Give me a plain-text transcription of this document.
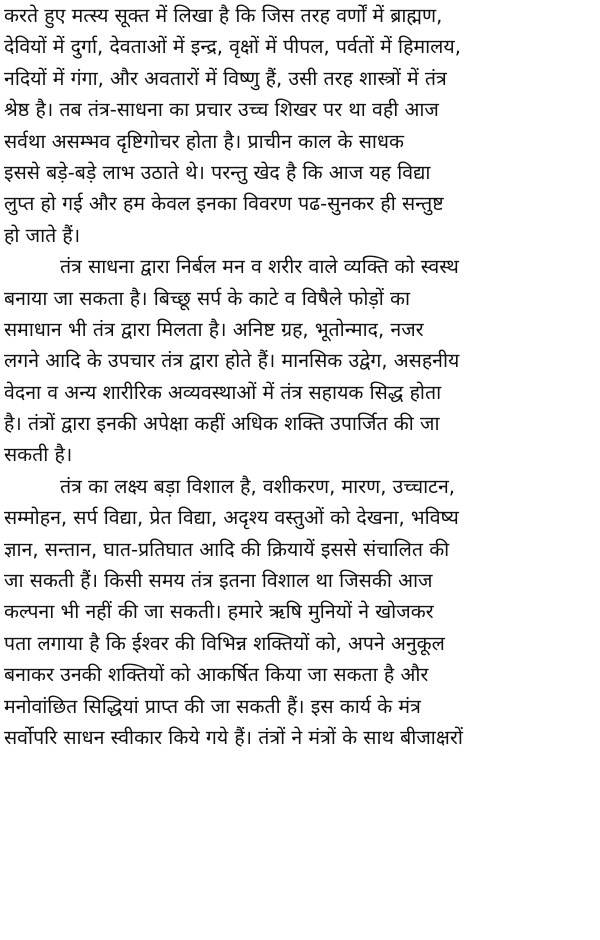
करते हुए मत्स्य सूक्त में लिखा है कि जिस तरह वर्णों में ब्राह्मण,
देवियों में दुर्गा, देवताओं में इन्द्र, वृक्षों में पीपल, पर्वतों में हिमालय,
नदियों में गंगा, और अवतारों में विष्णु हैं, उसी तरह शास्त्रों में तंत्र
श्रेष्ठ है। तब तंत्र-साधना का प्रचार उच्च शिखर पर था वही आज
सर्वथा असम्भव दृष्टिगोचर होता है। प्राचीन काल के साधक
इससे बड़े-बड़े लाभ उठाते थे। परन्तु खेद है कि आज यह विद्या
लुप्त हो गई और हम केवल इनका विवरण पढ-सुनकर ही सन्तुष्ट
हो जाते हैं।
तंत्र साधना द्वारा निर्बल मन व शरीर वाले व्यक्ति को स्वस्थ
बनाया जा सकता है। बिच्छू सर्प के काटे व विषैले फोड़ों का
समाधान भी तंत्र द्वारा मिलता है। अनिष्ट ग्रह, भूतोन्माद, नजर
लगने आदि के उपचार तंत्र द्वारा होते हैं। मानसिक उद्वेग, असहनीय
वेदना व अन्य शारीरिक अव्यवस्थाओं में तंत्र सहायक सिद्ध होता
है। तंत्रों द्वारा इनकी अपेक्षा कहीं अधिक शक्ति उपार्जित की जा
सकती है।
तंत्र का लक्ष्य बड़ा विशाल है, वशीकरण, मारण, उच्चाटन,
सम्मोहन, सर्प विद्या, प्रेत विद्या, अदृश्य वस्तुओं को देखना, भविष्य
ज्ञान, सन्तान, घात-प्रतिघात आदि की क्रियायें इससे संचालित की
जा सकती हैं। किसी समय तंत्र इतना विशाल था जिसकी आज
कल्पना भी नहीं की जा सकती। हमारे ऋषि मुनियों ने खोजकर
पता लगाया है कि ईश्वर की विभिन्न शक्तियों को, अपने अनुकूल
बनाकर उनकी शक्तियों को आकर्षित किया जा सकता है और
मनोवांछित सिद्धियां प्राप्त की जा सकती हैं। इस कार्य के मंत्र
सर्वोपरि साधन स्वीकार किये गये हैं। तंत्रों ने मंत्रों के साथ बीजाक्षरों
